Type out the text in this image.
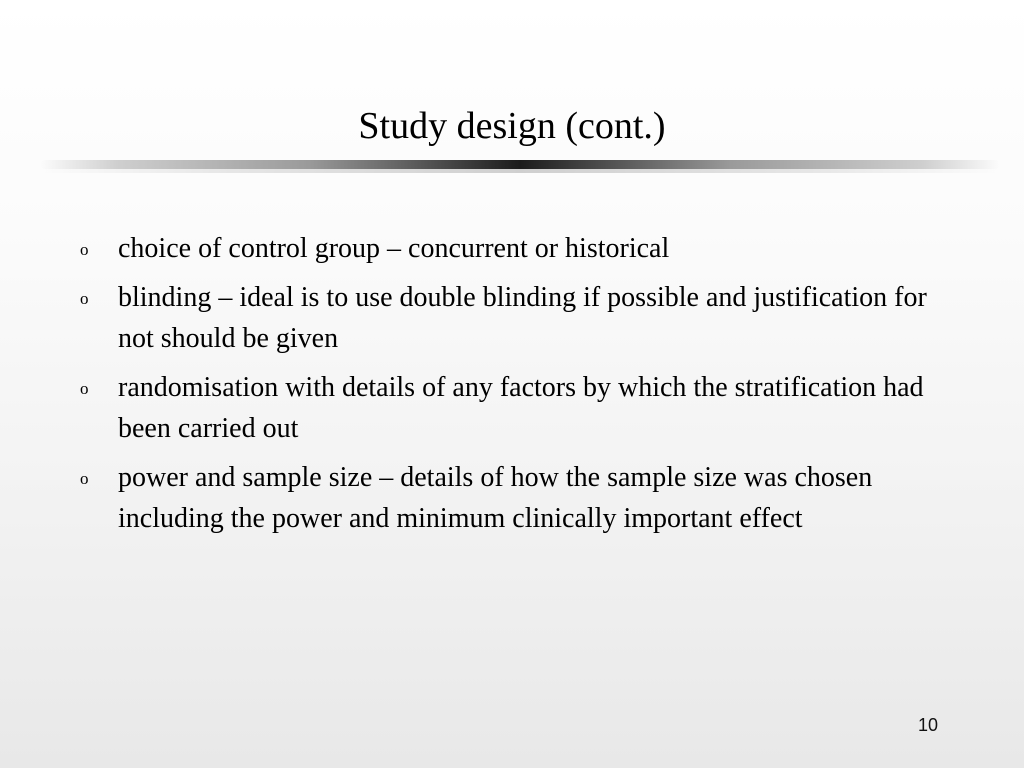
Study design (cont.)
o choice of control group – concurrent or historical
o blinding – ideal is to use double blinding if possible and justification for not should be given
o randomisation with details of any factors by which the stratification had been carried out
o power and sample size – details of how the sample size was chosen including the power and minimum clinically important effect
10
